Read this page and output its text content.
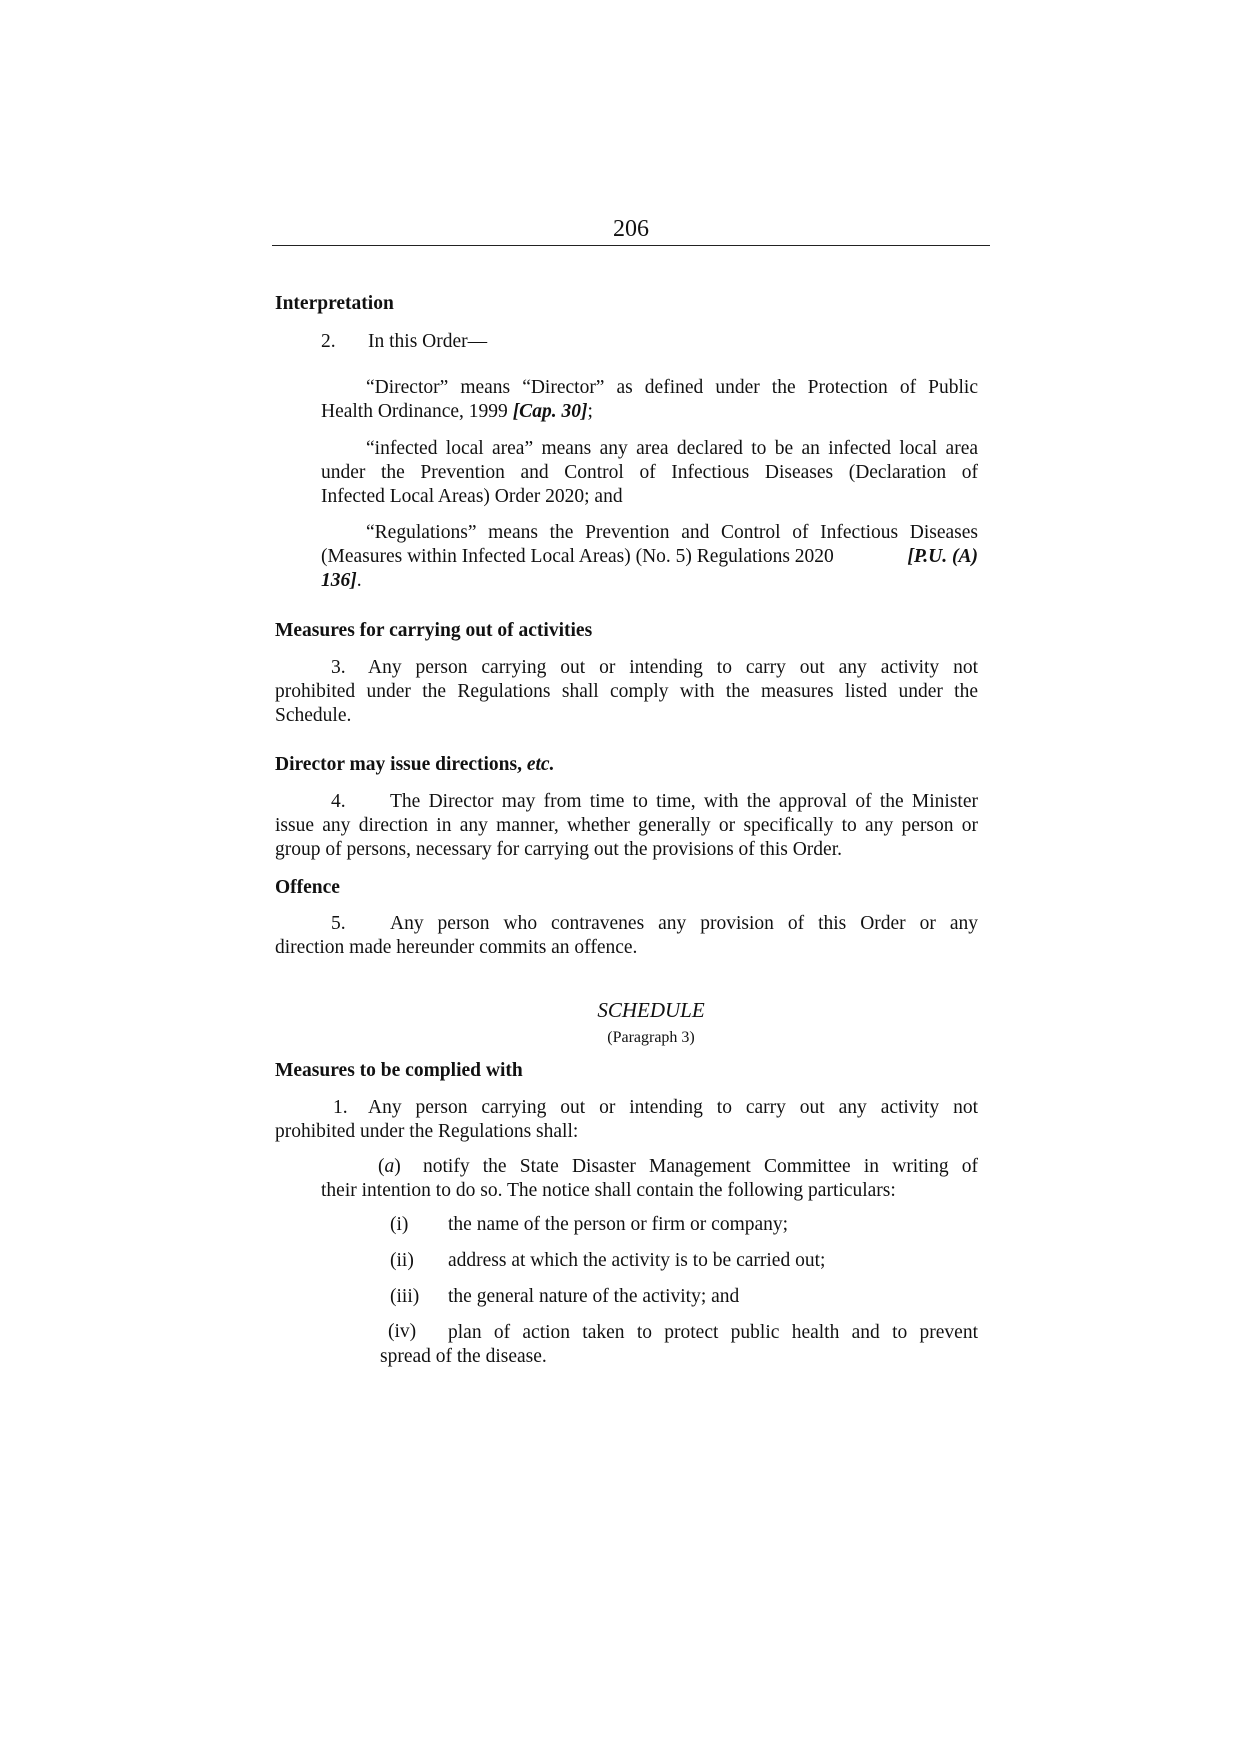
206
Interpretation
2. In this Order—
“Director” means “Director” as defined under the Protection of Public
Health Ordinance, 1999 [Cap. 30];
“infected local area” means any area declared to be an infected local area
under the Prevention and Control of Infectious Diseases (Declaration of
Infected Local Areas) Order 2020; and
“Regulations” means the Prevention and Control of Infectious Diseases
(Measures within Infected Local Areas) (No. 5) Regulations 2020	[P.U. (A)
136].
Measures for carrying out of activities
3. Any person carrying out or intending to carry out any activity not
prohibited under the Regulations shall comply with the measures listed under the
Schedule.
Director may issue directions, etc.
4. The Director may from time to time, with the approval of the Minister
issue any direction in any manner, whether generally or specifically to any person or
group of persons, necessary for carrying out the provisions of this Order.
Offence
5. Any person who contravenes any provision of this Order or any
direction made hereunder commits an offence.
SCHEDULE
(Paragraph 3)
Measures to be complied with
1. Any person carrying out or intending to carry out any activity not
prohibited under the Regulations shall:
(a) notify the State Disaster Management Committee in writing of
their intention to do so. The notice shall contain the following particulars:
(i) the name of the person or firm or company;
(ii) address at which the activity is to be carried out;
(iii) the general nature of the activity; and
(iv) plan of action taken to protect public health and to prevent
spread of the disease.
